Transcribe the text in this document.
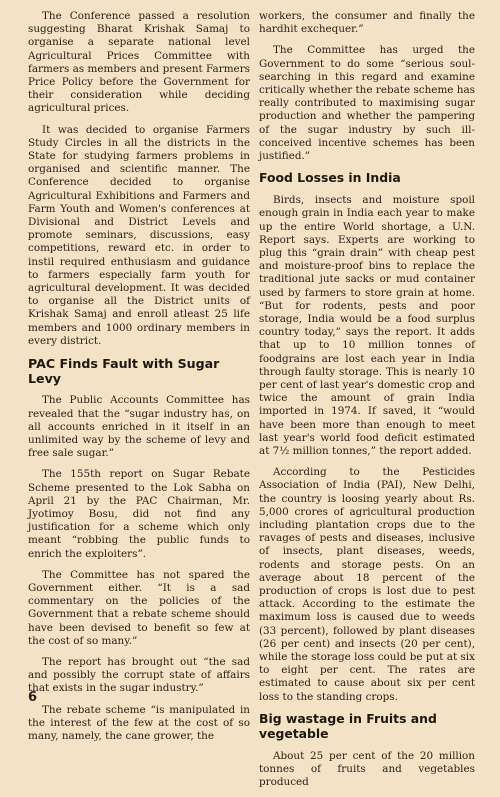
The Conference passed a resolution suggesting Bharat Krishak Samaj to organise a separate national level Agricultural Prices Committee with farmers as members and present Farmers Price Policy before the Government for their consideration while deciding agricultural prices.

It was decided to organise Farmers Study Circles in all the districts in the State for studying farmers problems in organised and scientific manner. The Conference decided to organise Agricultural Exhibitions and Farmers and Farm Youth and Women's conferences at Divisional and District Levels and promote seminars, discussions, easy competitions, reward etc. in order to instil required enthusiasm and guidance to farmers especially farm youth for agricultural development. It was decided to organise all the District units of Krishak Samaj and enroll atleast 25 life members and 1000 ordinary members in every district.

PAC Finds Fault with Sugar Levy

The Public Accounts Committee has revealed that the “sugar industry has, on all accounts enriched in it itself in an unlimited way by the scheme of levy and free sale sugar.”

The 155th report on Sugar Rebate Scheme presented to the Lok Sabha on April 21 by the PAC Chairman, Mr. Jyotimoy Bosu, did not find any justification for a scheme which only meant “robbing the public funds to enrich the exploiters”.

The Committee has not spared the Government either. “It is a sad commentary on the policies of the Government that a rebate scheme should have been devised to benefit so few at the cost of so many.”

The report has brought out “the sad and possibly the corrupt state of affairs that exists in the sugar industry.”

The rebate scheme “is manipulated in the interest of the few at the cost of so many, namely, the cane grower, the

workers, the consumer and finally the hardhit exchequer.”

The Committee has urged the Government to do some “serious soul-searching in this regard and examine critically whether the rebate scheme has really contributed to maximising sugar production and whether the pampering of the sugar industry by such ill-conceived incentive schemes has been justified.”

Food Losses in India

Birds, insects and moisture spoil enough grain in India each year to make up the entire World shortage, a U.N. Report says. Experts are working to plug this “grain drain” with cheap pest and moisture-proof bins to replace the traditional jute sacks or mud container used by farmers to store grain at home. “But for rodents, pests and poor storage, India would be a food surplus country today,” says the report. It adds that up to 10 million tonnes of foodgrains are lost each year in India through faulty storage. This is nearly 10 per cent of last year's domestic crop and twice the amount of grain India imported in 1974. If saved, it “would have been more than enough to meet last year's world food deficit estimated at 7½ million tonnes,” the report added.

According to the Pesticides Association of India (PAI), New Delhi, the country is loosing yearly about Rs. 5,000 crores of agricultural production including plantation crops due to the ravages of pests and diseases, inclusive of insects, plant diseases, weeds, rodents and storage pests. On an average about 18 percent of the production of crops is lost due to pest attack. According to the estimate the maximum loss is caused due to weeds (33 percent), followed by plant diseases (26 per cent) and insects (20 per cent), while the storage loss could be put at six to eight per cent. The rates are estimated to cause about six per cent loss to the standing crops.

Big wastage in Fruits and vegetable

About 25 per cent of the 20 million tonnes of fruits and vegetables produced

6
